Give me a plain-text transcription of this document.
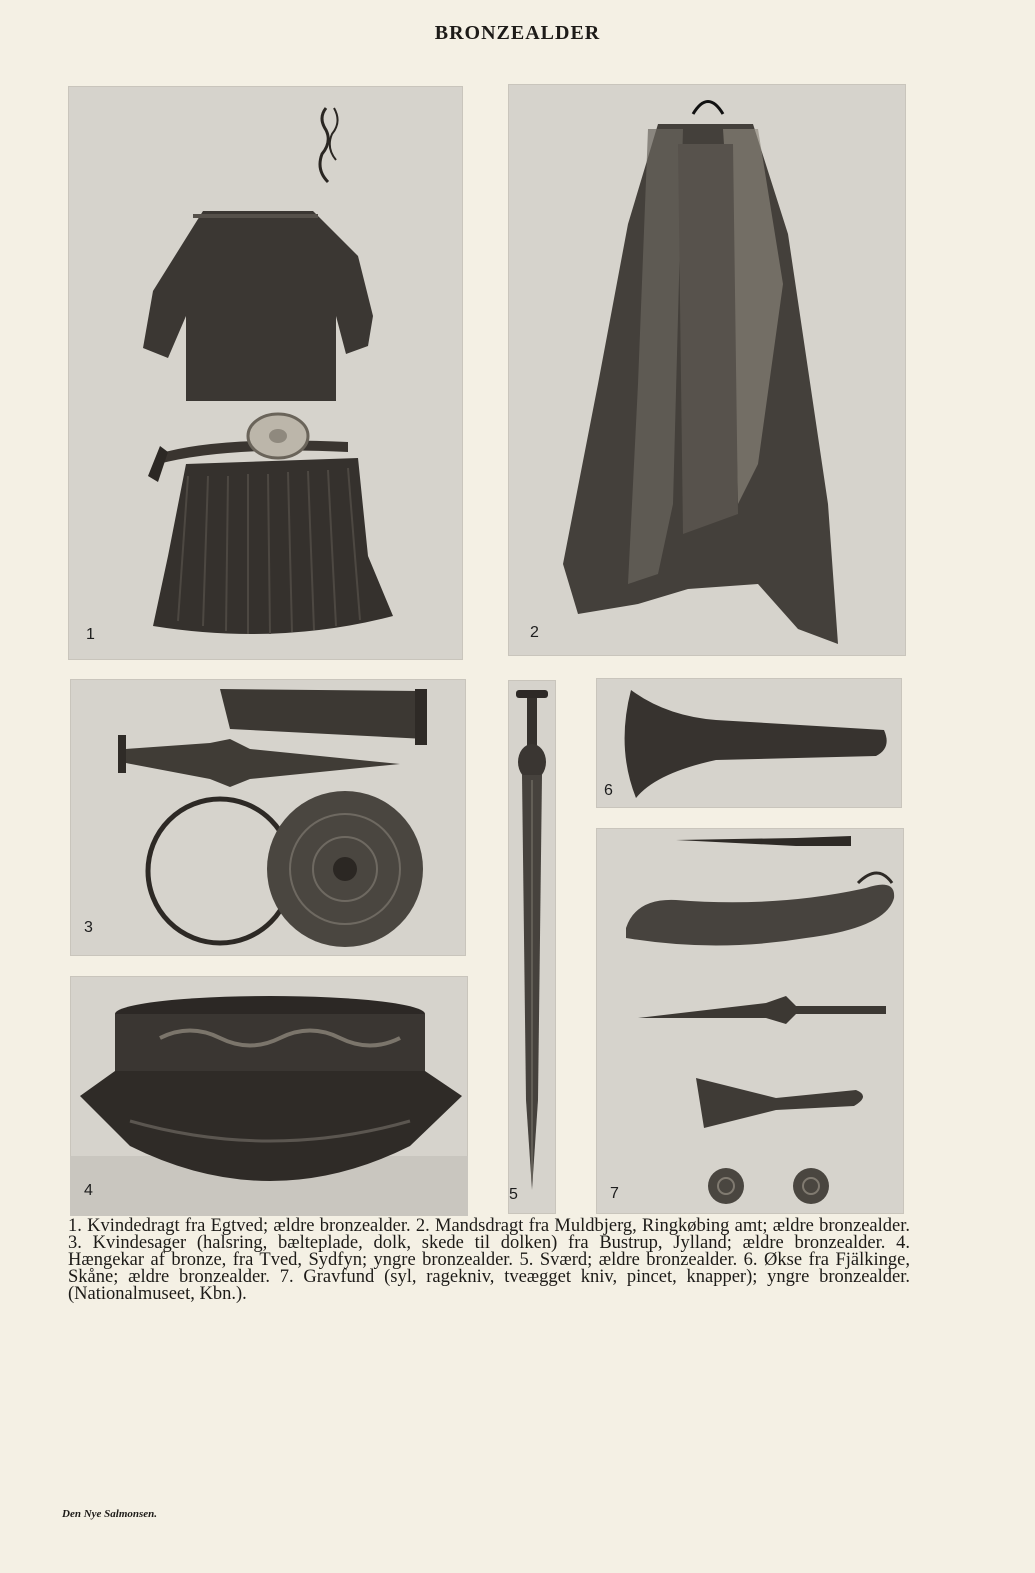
BRONZEALDER
1	2
3
4	5
6
7

1. Kvindedragt fra Egtved; ældre bronzealder. 2. Mandsdragt fra Muldbjerg, Ringkøbing amt; ældre bronzealder. 3. Kvindesager (halsring, bælteplade, dolk, skede til dolken) fra Bustrup, Jylland; ældre bronzealder. 4. Hængekar af bronze, fra Tved, Sydfyn; yngre bronzealder. 5. Sværd; ældre bronzealder. 6. Økse fra Fjälkinge, Skåne; ældre bronzealder. 7. Gravfund (syl, ragekniv, tveægget kniv, pincet, knapper); yngre bronzealder. (Nationalmuseet, Kbn.).

Den Nye Salmonsen.
